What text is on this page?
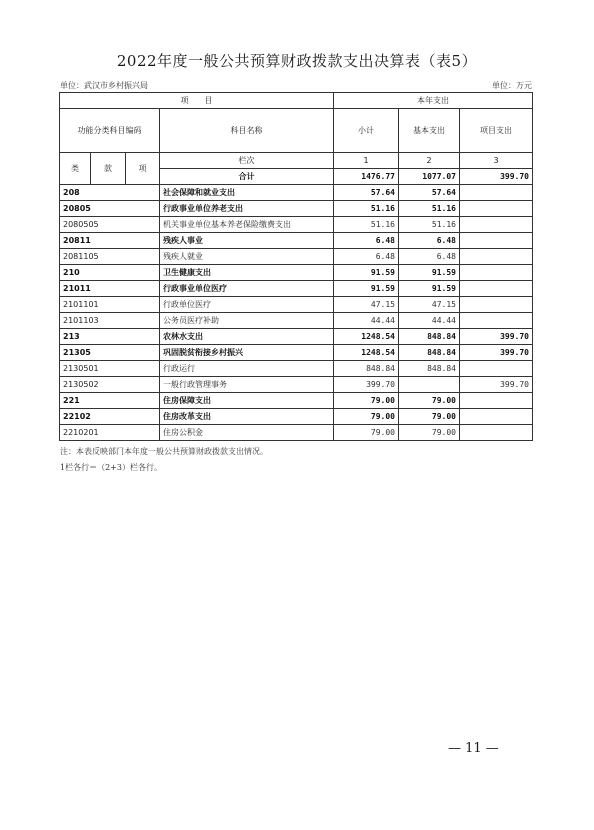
2022年度一般公共预算财政拨款支出决算表（表5）
单位：武汉市乡村振兴局	单位：万元
项　　目				本年支出		
功能分类科目编码			科目名称	小计	基本支出	项目支出
类	款	项	栏次	1	2	3
			合计	1476.77	1077.07	399.70
208			社会保障和就业支出	57.64	57.64	
20805			行政事业单位养老支出	51.16	51.16	
2080505			机关事业单位基本养老保险缴费支出	51.16	51.16	
20811			残疾人事业	6.48	6.48	
2081105			残疾人就业	6.48	6.48	
210			卫生健康支出	91.59	91.59	
21011			行政事业单位医疗	91.59	91.59	
2101101			行政单位医疗	47.15	47.15	
2101103			公务员医疗补助	44.44	44.44	
213			农林水支出	1248.54	848.84	399.70
21305			巩固脱贫衔接乡村振兴	1248.54	848.84	399.70
2130501			行政运行	848.84	848.84	
2130502			一般行政管理事务	399.70		399.70
221			住房保障支出	79.00	79.00	
22102			住房改革支出	79.00	79.00	
2210201			住房公积金	79.00	79.00	
注：本表反映部门本年度一般公共预算财政拨款支出情况。
1栏各行＝（2+3）栏各行。
— 11 —
